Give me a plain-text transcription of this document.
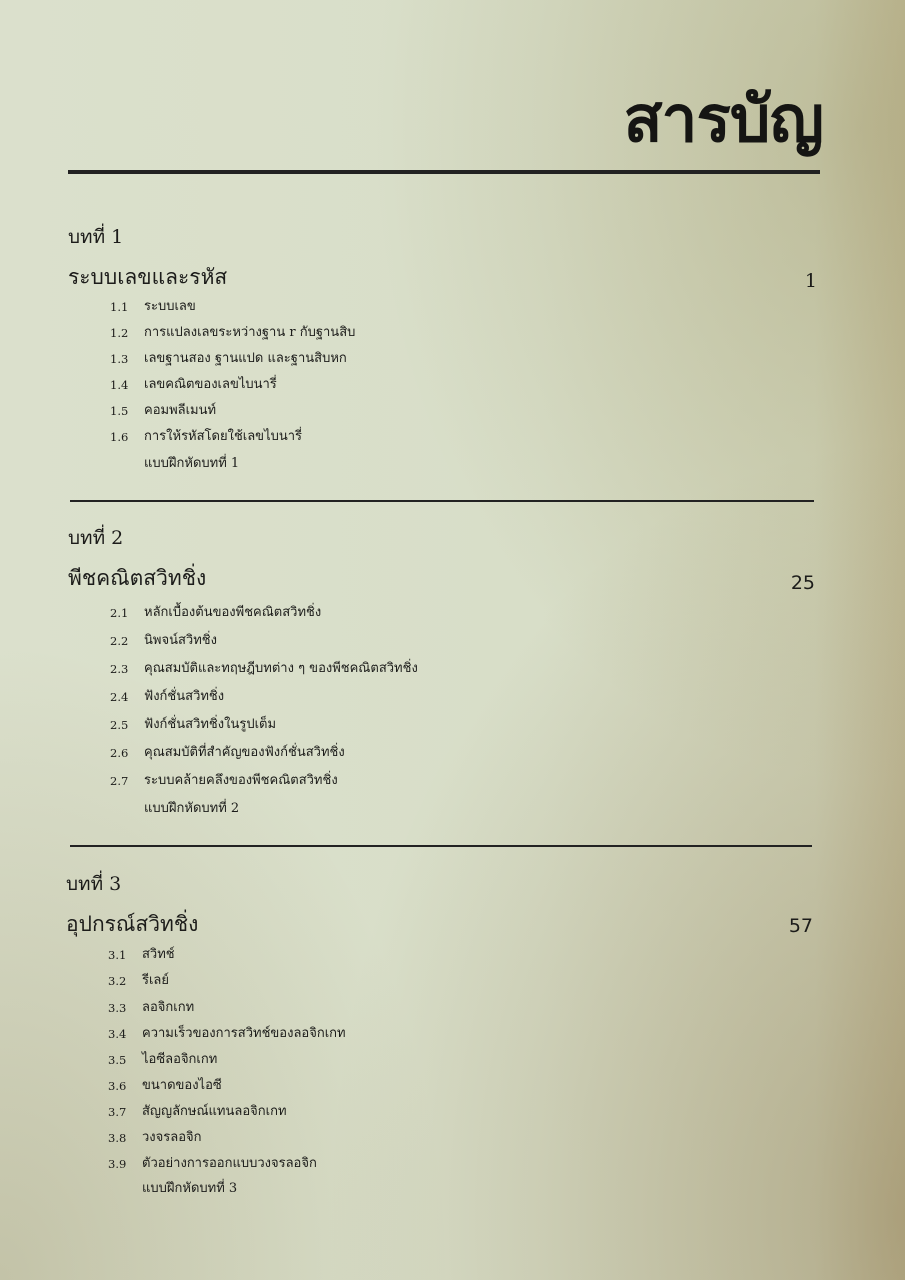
สารบัญ
บทที่ 1
ระบบเลขและรหัส	1
1.1	ระบบเลข
1.2	การแปลงเลขระหว่างฐาน r กับฐานสิบ
1.3	เลขฐานสอง ฐานแปด และฐานสิบหก
1.4	เลขคณิตของเลขไบนารี่
1.5	คอมพลีเมนท์
1.6	การให้รหัสโดยใช้เลขไบนารี่
แบบฝึกหัดบทที่ 1
บทที่ 2
พีชคณิตสวิทชิ่ง	25
2.1	หลักเบื้องต้นของพีชคณิตสวิทชิ่ง
2.2	นิพจน์สวิทชิ่ง
2.3	คุณสมบัติและทฤษฎีบทต่าง ๆ ของพีชคณิตสวิทชิ่ง
2.4	ฟังก์ชั่นสวิทชิ่ง
2.5	ฟังก์ชั่นสวิทชิ่งในรูปเต็ม
2.6	คุณสมบัติที่สำคัญของฟังก์ชั่นสวิทชิ่ง
2.7	ระบบคล้ายคลึงของพีชคณิตสวิทชิ่ง
แบบฝึกหัดบทที่ 2
บทที่ 3
อุปกรณ์สวิทชิ่ง	57
3.1	สวิทช์
3.2	รีเลย์
3.3	ลอจิกเกท
3.4	ความเร็วของการสวิทช์ของลอจิกเกท
3.5	ไอซีลอจิกเกท
3.6	ขนาดของไอซี
3.7	สัญญลักษณ์แทนลอจิกเกท
3.8	วงจรลอจิก
3.9	ตัวอย่างการออกแบบวงจรลอจิก
แบบฝึกหัดบทที่ 3
